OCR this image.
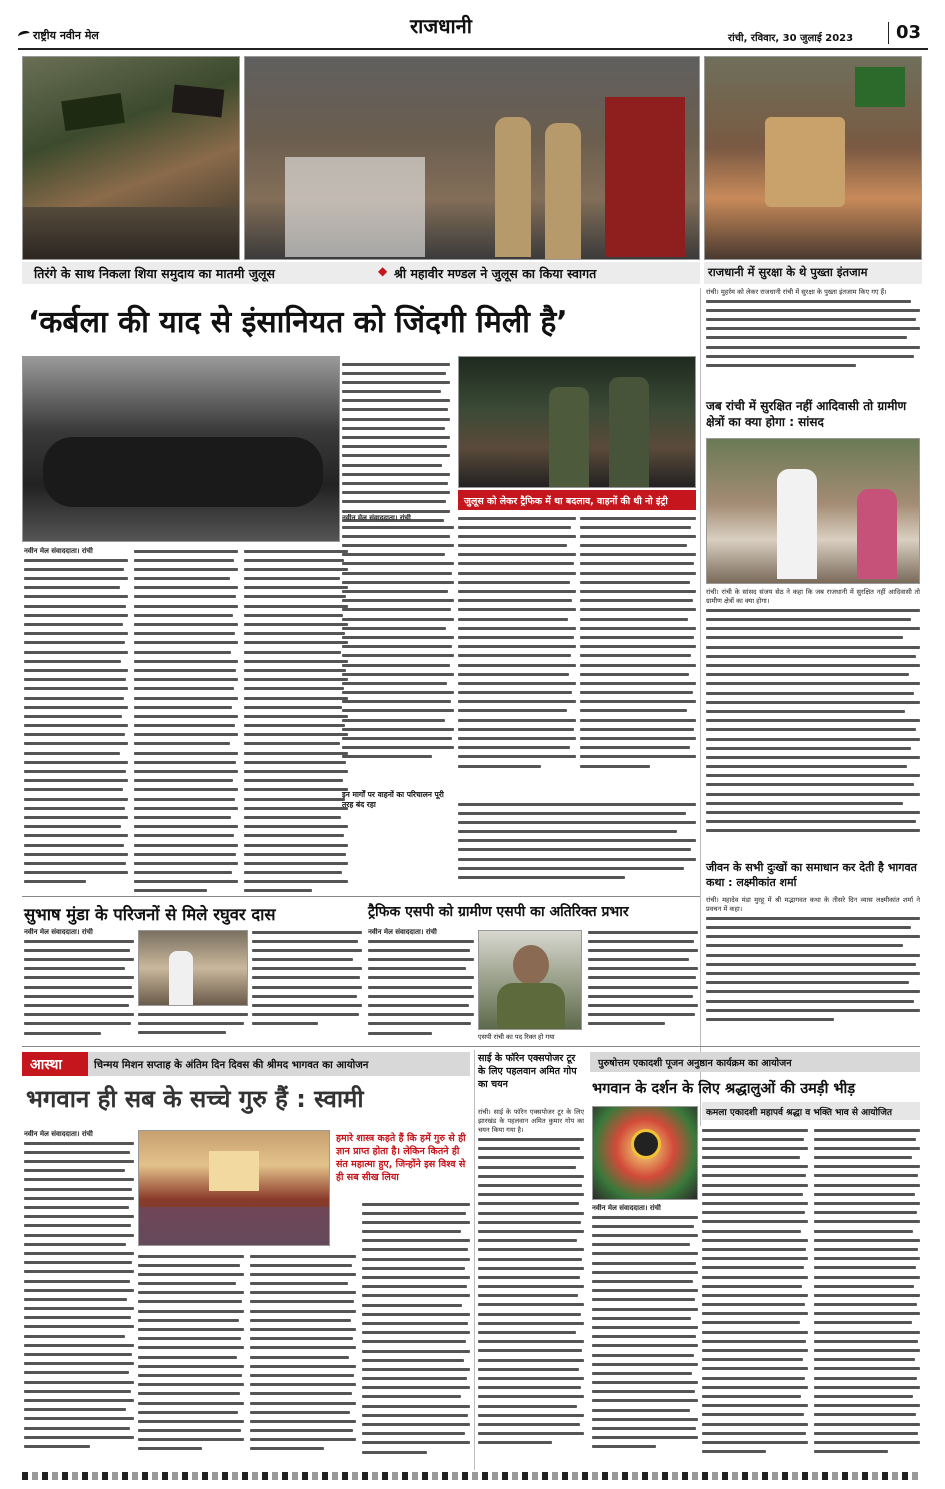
राष्ट्रीय नवीन मेल	राजधानी
रांची, रविवार, 30 जुलाई 2023 03
तिरंगे के साथ निकला शिया समुदाय का मातमी जुलूस	◆ श्री महावीर मण्डल ने जुलूस का किया स्वागत	राजधानी में सुरक्षा के थे पुख्ता इंतजाम
रांची। मुहर्रम को लेकर राजधानी रांची में सुरक्षा के पुख्ता इंतजाम किए गए हैं।
‘कर्बला की याद से इंसानियत को जिंदगी मिली है’
नवीन मेल संवाददाता। रांची
जुलूस को लेकर ट्रैफिक में था बदलाव, वाहनों की थी नो इंट्री
नवीन मेल संवाददाता। रांची
इन मार्गों पर वाहनों का परिचालन पूरी तरह बंद रहा
जब रांची में सुरक्षित नहीं आदिवासी तो ग्रामीण क्षेत्रों का क्या होगा : सांसद
रांची। रांची के सांसद संजय सेठ ने कहा कि जब राजधानी में सुरक्षित नहीं आदिवासी तो ग्रामीण क्षेत्रों का क्या होगा।
जीवन के सभी दुःखों का समाधान कर देती है भागवत कथा : लक्ष्मीकांत शर्मा
रांची। महादेव मंडा मुरहू में श्री मद्भागवत कथा के तीसरे दिन व्यास लक्ष्मीकांत शर्मा ने प्रवचन में कहा।
सुभाष मुंडा के परिजनों से मिले रघुवर दास
नवीन मेल संवाददाता। रांची
ट्रैफिक एसपी को ग्रामीण एसपी का अतिरिक्त प्रभार
नवीन मेल संवाददाता। रांची
एसपी रांची का पद रिक्त हो गया
आस्था	चिन्मय मिशन सप्ताह के अंतिम दिन दिवस की श्रीमद भागवत का आयोजन
भगवान ही सब के सच्चे गुरु हैं : स्वामी
नवीन मेल संवाददाता। रांची	हमारे शास्त्र कहते हैं कि हमें गुरु से ही ज्ञान प्राप्त होता है। लेकिन कितने ही संत महात्मा हुए, जिन्होंने इस विश्व से ही सब सीख लिया
साई के फॉरेन एक्सपोजर टूर के लिए पहलवान अमित गोप का चयन
रांची। साई के फॉरेन एक्सपोजर टूर के लिए झारखंड के पहलवान अमित कुमार गोप का चयन किया गया है।
पुरुषोत्तम एकादशी पूजन अनुष्ठान कार्यक्रम का आयोजन
भगवान के दर्शन के लिए श्रद्धालुओं की उमड़ी भीड़
कमला एकादशी महापर्व श्रद्धा व भक्ति भाव से आयोजित
नवीन मेल संवाददाता। रांची
